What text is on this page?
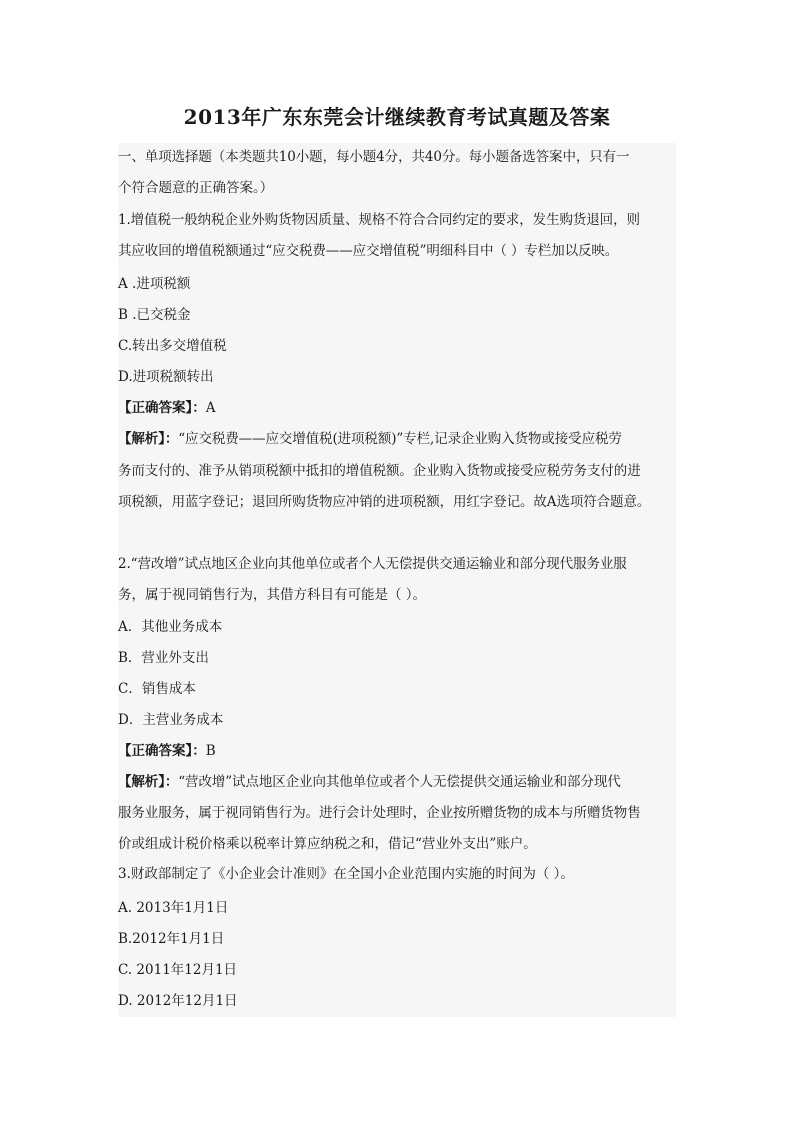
2013年广东东莞会计继续教育考试真题及答案
一、单项选择题（本类题共10小题，每小题4分，共40分。每小题备选答案中，只有一
个符合题意的正确答案。）
1.增值税一般纳税企业外购货物因质量、规格不符合合同约定的要求，发生购货退回，则
其应收回的增值税额通过“应交税费——应交增值税”明细科目中（ ）专栏加以反映。
A .进项税额
B .已交税金
C.转出多交增值税
D.进项税额转出
【正确答案】：A
【解析】：“应交税费——应交增值税(进项税额)”专栏,记录企业购入货物或接受应税劳
务而支付的、准予从销项税额中抵扣的增值税额。企业购入货物或接受应税劳务支付的进
项税额，用蓝字登记；退回所购货物应冲销的进项税额，用红字登记。故A选项符合题意。
2.“营改增”试点地区企业向其他单位或者个人无偿提供交通运输业和部分现代服务业服
务，属于视同销售行为，其借方科目有可能是（ ）。
A．其他业务成本
B．营业外支出
C．销售成本
D．主营业务成本
【正确答案】：B
【解析】：“营改增”试点地区企业向其他单位或者个人无偿提供交通运输业和部分现代
服务业服务，属于视同销售行为。进行会计处理时，企业按所赠货物的成本与所赠货物售
价或组成计税价格乘以税率计算应纳税之和，借记“营业外支出”账户。
3.财政部制定了《小企业会计准则》在全国小企业范围内实施的时间为（ ）。
A. 2013年1月1日
B.2012年1月1日
C. 2011年12月1日
D. 2012年12月1日
